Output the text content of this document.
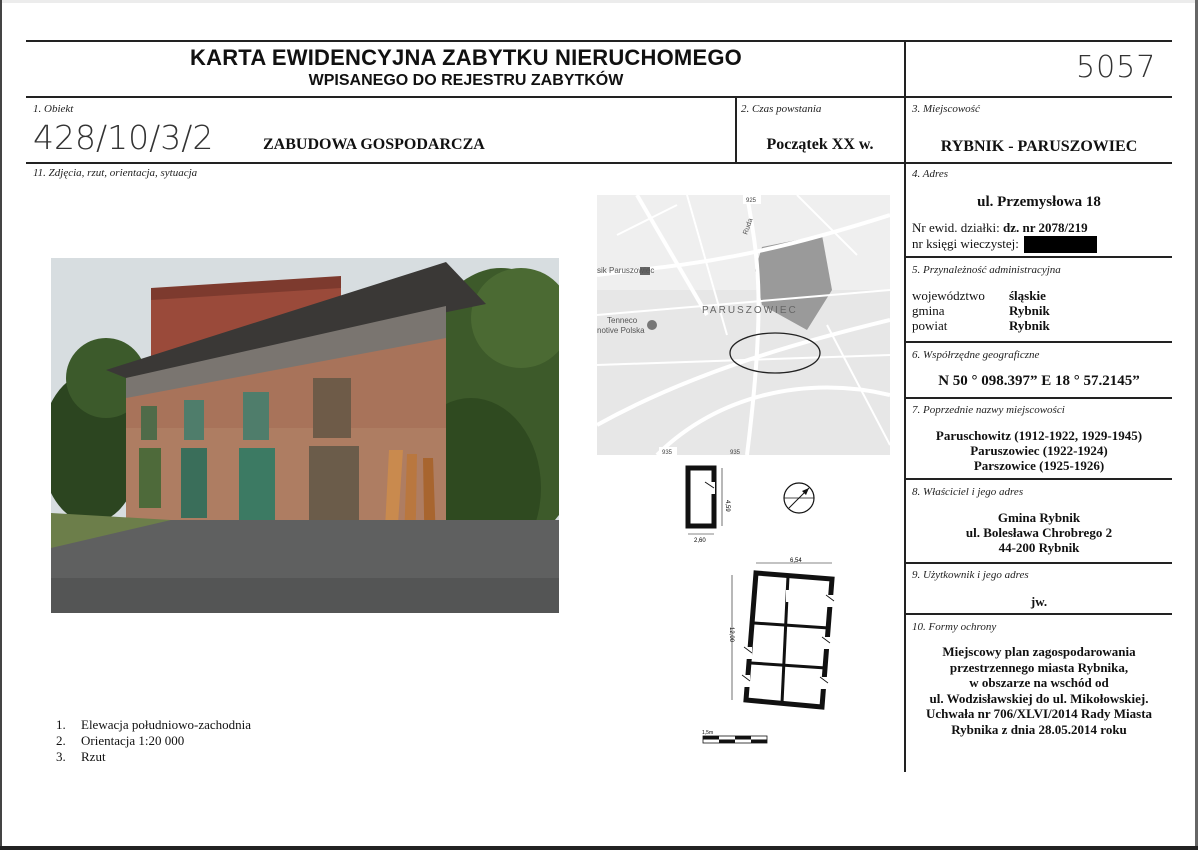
KARTA EWIDENCYJNA ZABYTKU NIERUCHOMEGO
WPISANEGO DO REJESTRU ZABYTKÓW	5057
1. Obiekt
428/10/3/2	ZABUDOWA GOSPODARCZA
2. Czas powstania
Początek XX w.
3. Miejscowość
RYBNIK - PARUSZOWIEC
11. Zdjęcia, rzut, orientacja, sytuacja	4. Adres
ul. Przemysłowa 18
Nr ewid. działki: dz. nr 2078/219
nr księgi wieczystej:
5. Przynależność administracyjna
województwo śląskie
gmina	Rybnik
powiat	Rybnik
6. Współrzędne geograficzne
N 50 ° 098.397” E 18 ° 57.2145”
7. Poprzednie nazwy miejscowości
Paruschowitz (1912-1922, 1929-1945)
Paruszowiec (1922-1924)
Parszowice (1925-1926)
8. Właściciel i jego adres
Gmina Rybnik
ul. Bolesława Chrobrego 2
44-200 Rybnik
9. Użytkownik i jego adres
jw.
10. Formy ochrony
Miejscowy plan zagospodarowania
przestrzennego miasta Rybnika,
w obszarze na wschód od
ul. Wodzisławskiej do ul. Mikołowskiej.
Uchwała nr 706/XLVI/2014 Rady Miasta
Rybnika z dnia 28.05.2014 roku
PARUSZOWIEC
sik Paruszowiec
Tenneco
notive Polska
925
935	935
Ruda
4,59
2,60
6,54
12,00
1,5m
1. Elewacja południowo-zachodnia
2. Orientacja 1:20 000
3. Rzut
